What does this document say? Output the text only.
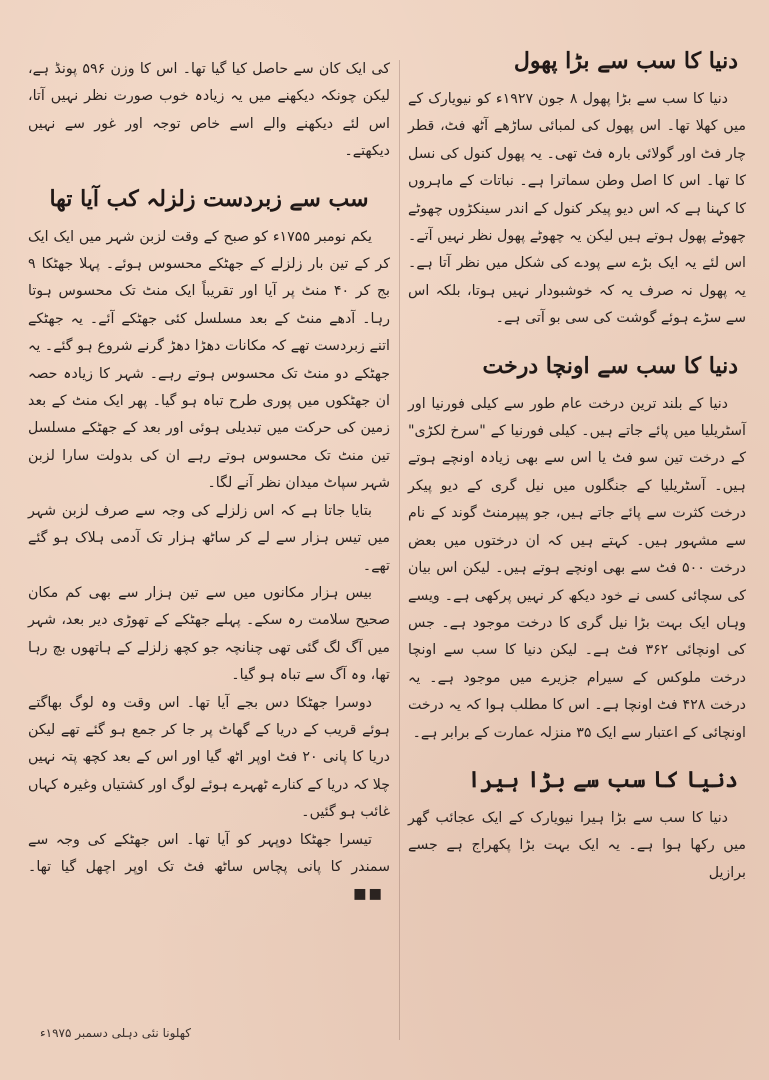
دنیا کا سب سے بڑا پھول

دنیا کا سب سے بڑا پھول ۸ جون ۱۹۲۷ء کو نیویارک کے میں کھلا تھا۔ اس پھول کی لمبائی ساڑھے آٹھ فٹ، قطر چار فٹ اور گولائی بارہ فٹ تھی۔ یہ پھول کنول کی نسل کا تھا۔ اس کا اصل وطن سماترا ہے۔ نباتات کے ماہروں کا کہنا ہے کہ اس دیو پیکر کنول کے اندر سینکڑوں چھوٹے چھوٹے پھول ہوتے ہیں لیکن یہ چھوٹے پھول نظر نہیں آتے۔ اس لئے یہ ایک بڑے سے پودے کی شکل میں نظر آتا ہے۔ یہ پھول نہ صرف یہ کہ خوشبودار نہیں ہوتا، بلکہ اس سے سڑے ہوئے گوشت کی سی بو آتی ہے۔

دنیا کا سب سے اونچا درخت

دنیا کے بلند ترین درخت عام طور سے کیلی فورنیا اور آسٹریلیا میں پائے جاتے ہیں۔ کیلی فورنیا کے "سرخ لکڑی" کے درخت تین سو فٹ یا اس سے بھی زیادہ اونچے ہوتے ہیں۔ آسٹریلیا کے جنگلوں میں نیل گری کے دیو پیکر درخت کثرت سے پائے جاتے ہیں، جو پیپرمنٹ گوند کے نام سے مشہور ہیں۔ کہتے ہیں کہ ان درختوں میں بعض درخت ۵۰۰ فٹ سے بھی اونچے ہوتے ہیں۔ لیکن اس بیان کی سچائی کسی نے خود دیکھ کر نہیں پرکھی ہے۔ ویسے وہاں ایک بہت بڑا نیل گری کا درخت موجود ہے۔ جس کی اونچائی ۳۶۲ فٹ ہے۔ لیکن دنیا کا سب سے اونچا درخت ملوکس کے سیرام جزیرے میں موجود ہے۔ یہ درخت ۴۲۸ فٹ اونچا ہے۔ اس کا مطلب ہوا کہ یہ درخت اونچائی کے اعتبار سے ایک ۳۵ منزلہ عمارت کے برابر ہے۔

دنیا کا سب سے بڑا ہیرا

دنیا کا سب سے بڑا ہیرا نیویارک کے ایک عجائب گھر میں رکھا ہوا ہے۔ یہ ایک بہت بڑا پکھراج ہے جسے برازیل

کی ایک کان سے حاصل کیا گیا تھا۔ اس کا وزن ۵۹۶ پونڈ ہے، لیکن چونکہ دیکھنے میں یہ زیادہ خوب صورت نظر نہیں آتا، اس لئے دیکھنے والے اسے خاص توجہ اور غور سے نہیں دیکھتے۔

سب سے زبردست زلزلہ کب آیا تھا

یکم نومبر ۱۷۵۵ء کو صبح کے وقت لزبن شہر میں ایک ایک کر کے تین بار زلزلے کے جھٹکے محسوس ہوئے۔ پہلا جھٹکا ۹ بج کر ۴۰ منٹ پر آیا اور تقریباً ایک منٹ تک محسوس ہوتا رہا۔ آدھے منٹ کے بعد مسلسل کئی جھٹکے آئے۔ یہ جھٹکے اتنے زبردست تھے کہ مکانات دھڑا دھڑ گرنے شروع ہو گئے۔ یہ جھٹکے دو منٹ تک محسوس ہوتے رہے۔ شہر کا زیادہ حصہ ان جھٹکوں میں پوری طرح تباہ ہو گیا۔ پھر ایک منٹ کے بعد زمین کی حرکت میں تبدیلی ہوئی اور بعد کے جھٹکے مسلسل تین منٹ تک محسوس ہوتے رہے ان کی بدولت سارا لزبن شہر سپاٹ میدان نظر آنے لگا۔

بتایا جاتا ہے کہ اس زلزلے کی وجہ سے صرف لزبن شہر میں تیس ہزار سے لے کر ساٹھ ہزار تک آدمی ہلاک ہو گئے تھے۔

بیس ہزار مکانوں میں سے تین ہزار سے بھی کم مکان صحیح سلامت رہ سکے۔ پہلے جھٹکے کے تھوڑی دیر بعد، شہر میں آگ لگ گئی تھی چنانچہ جو کچھ زلزلے کے ہاتھوں بچ رہا تھا، وہ آگ سے تباہ ہو گیا۔

دوسرا جھٹکا دس بجے آیا تھا۔ اس وقت وہ لوگ بھاگتے ہوئے قریب کے دریا کے گھاٹ پر جا کر جمع ہو گئے تھے لیکن دریا کا پانی ۲۰ فٹ اوپر اٹھ گیا اور اس کے بعد کچھ پتہ نہیں چلا کہ دریا کے کنارے ٹھہرے ہوئے لوگ اور کشتیاں وغیرہ کہاں غائب ہو گئیں۔

تیسرا جھٹکا دوپہر کو آیا تھا۔ اس جھٹکے کی وجہ سے سمندر کا پانی پچاس ساٹھ فٹ تک اوپر اچھل گیا تھا۔■■

کھلونا نئی دہلی دسمبر ۱۹۷۵ء
